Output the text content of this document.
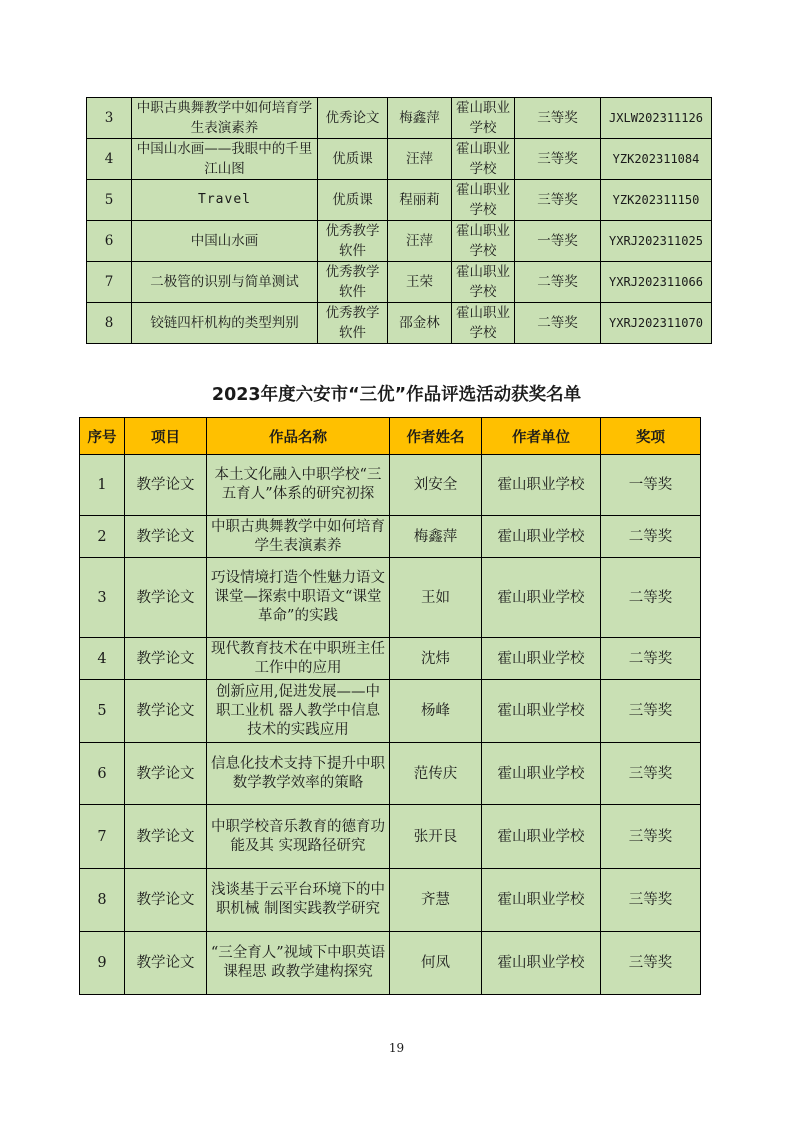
3	中职古典舞教学中如何培育学生表演素养	优秀论文	梅鑫萍	霍山职业学校	三等奖	JXLW202311126
4	中国山水画——我眼中的千里江山图	优质课	汪萍	霍山职业学校	三等奖	YZK202311084
5	Travel	优质课	程丽莉	霍山职业学校	三等奖	YZK202311150
6	中国山水画	优秀教学软件	汪萍	霍山职业学校	一等奖	YXRJ202311025
7	二极管的识别与简单测试	优秀教学软件	王荣	霍山职业学校	二等奖	YXRJ202311066
8	铰链四杆机构的类型判别	优秀教学软件	邵金林	霍山职业学校	二等奖	YXRJ202311070
2023年度六安市“三优”作品评选活动获奖名单
序号	项目	作品名称	作者姓名	作者单位	奖项
1	教学论文	本土文化融入中职学校“三五育人”体系的研究初探	刘安全	霍山职业学校	一等奖
2	教学论文	中职古典舞教学中如何培育 学生表演素养	梅鑫萍	霍山职业学校	二等奖
3	教学论文	巧设情境打造个性魅力语文课堂—探索中职语文“课堂革命”的实践	王如	霍山职业学校	二等奖
4	教学论文	现代教育技术在中职班主任工作中的应用	沈炜	霍山职业学校	二等奖
5	教学论文	创新应用,促进发展——中职工业机 器人教学中信息技术的实践应用	杨峰	霍山职业学校	三等奖
6	教学论文	信息化技术支持下提升中职 数学教学效率的策略	范传庆	霍山职业学校	三等奖
7	教学论文	中职学校音乐教育的德育功能及其 实现路径研究	张开艮	霍山职业学校	三等奖
8	教学论文	浅谈基于云平台环境下的中职机械 制图实践教学研究	齐慧	霍山职业学校	三等奖
9	教学论文	“三全育人”视域下中职英语课程思 政教学建构探究	何凤	霍山职业学校	三等奖
19
